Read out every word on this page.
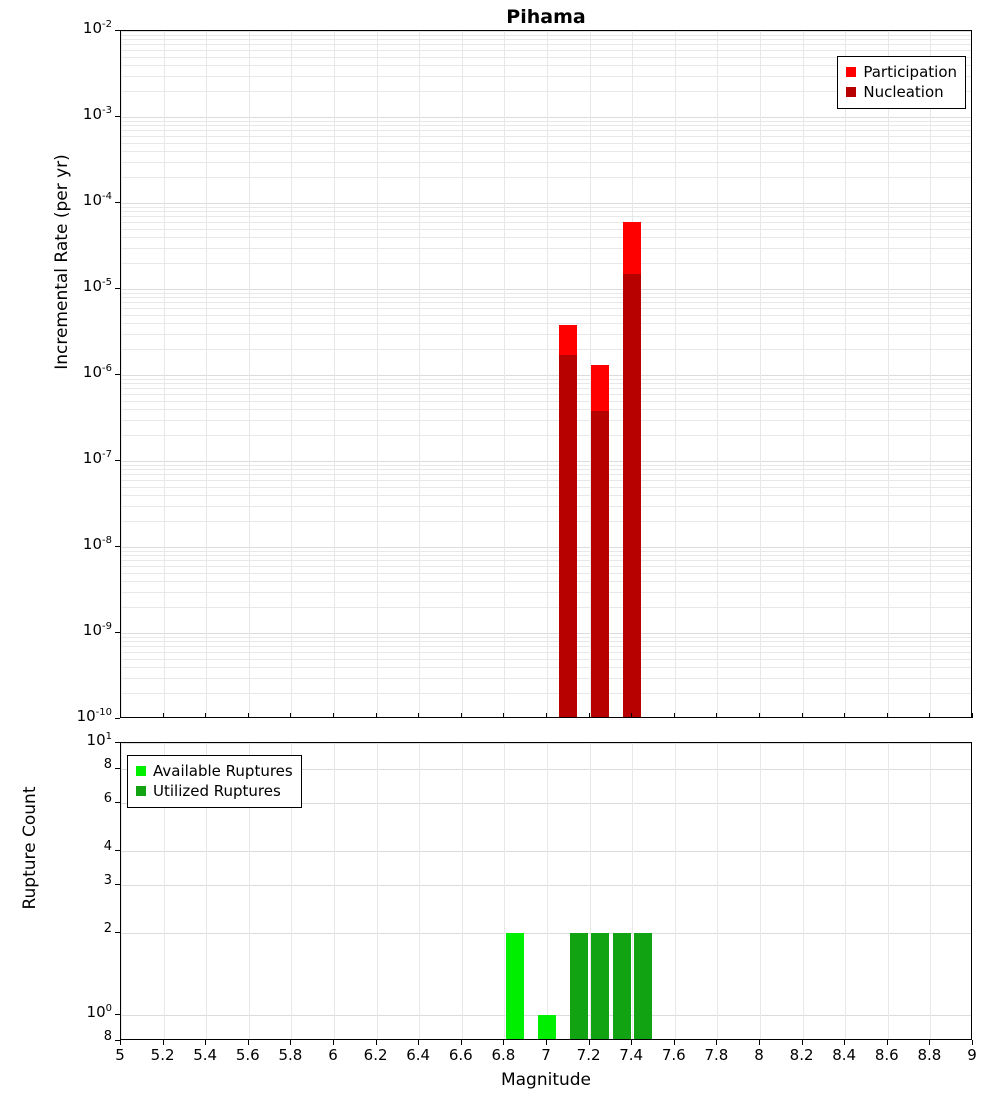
Pihama
Incremental Rate (per yr)
Rupture Count
Magnitude
Participation
Nucleation
Available Ruptures
Utilized Ruptures
$10^{-2}$
$10^{-3}$
$10^{-4}$
$10^{-5}$
$10^{-6}$
$10^{-7}$
$10^{-8}$
$10^{-9}$
$10^{-10}$
$10^1$
8
6
4
3
2
$10^0$
8
5	5.2	5.4	5.6	5.8	6	6.2	6.4	6.6	6.8	7	7.2	7.4	7.6	7.8	8	8.2	8.4	8.6	8.8	9
